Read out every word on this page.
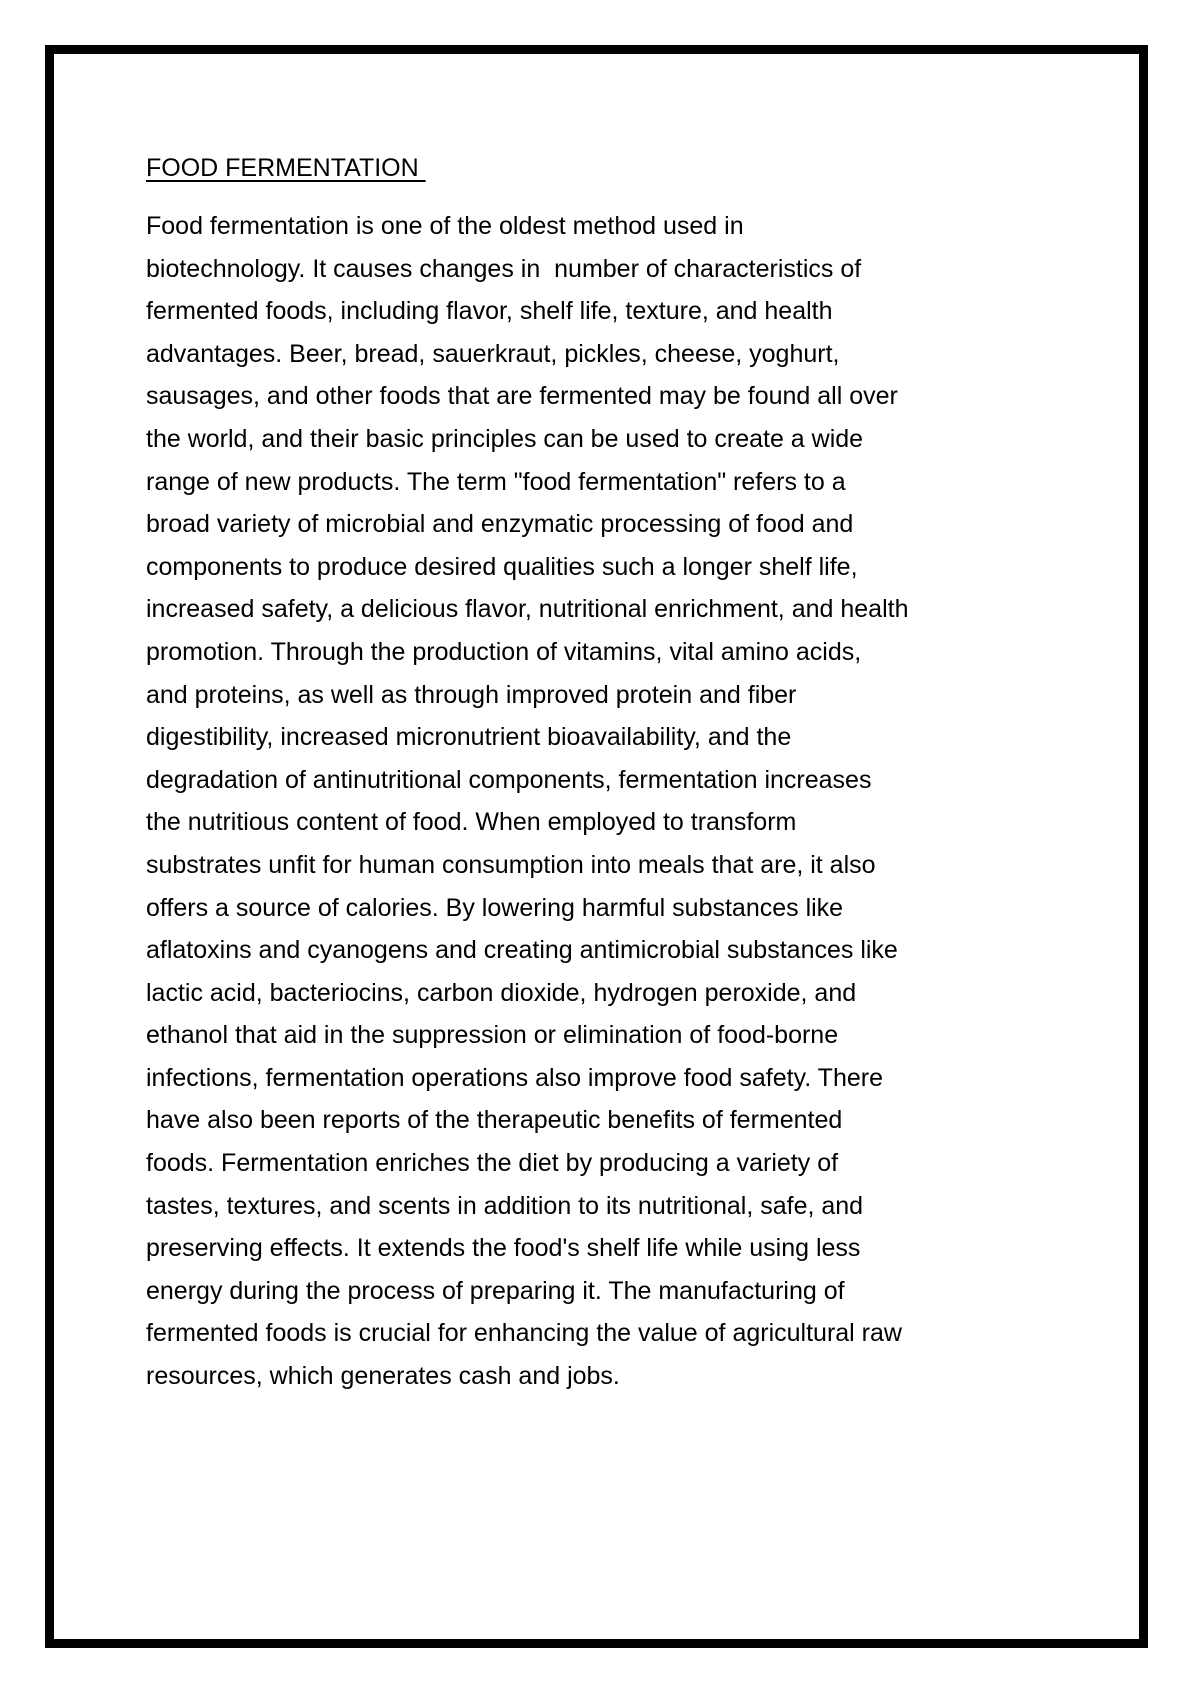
FOOD FERMENTATION
Food fermentation is one of the oldest method used in
biotechnology. It causes changes in  number of characteristics of
fermented foods, including flavor, shelf life, texture, and health
advantages. Beer, bread, sauerkraut, pickles, cheese, yoghurt,
sausages, and other foods that are fermented may be found all over
the world, and their basic principles can be used to create a wide
range of new products. The term "food fermentation" refers to a
broad variety of microbial and enzymatic processing of food and
components to produce desired qualities such a longer shelf life,
increased safety, a delicious flavor, nutritional enrichment, and health
promotion. Through the production of vitamins, vital amino acids,
and proteins, as well as through improved protein and fiber
digestibility, increased micronutrient bioavailability, and the
degradation of antinutritional components, fermentation increases
the nutritious content of food. When employed to transform
substrates unfit for human consumption into meals that are, it also
offers a source of calories. By lowering harmful substances like
aflatoxins and cyanogens and creating antimicrobial substances like
lactic acid, bacteriocins, carbon dioxide, hydrogen peroxide, and
ethanol that aid in the suppression or elimination of food-borne
infections, fermentation operations also improve food safety. There
have also been reports of the therapeutic benefits of fermented
foods. Fermentation enriches the diet by producing a variety of
tastes, textures, and scents in addition to its nutritional, safe, and
preserving effects. It extends the food's shelf life while using less
energy during the process of preparing it. The manufacturing of
fermented foods is crucial for enhancing the value of agricultural raw
resources, which generates cash and jobs.
